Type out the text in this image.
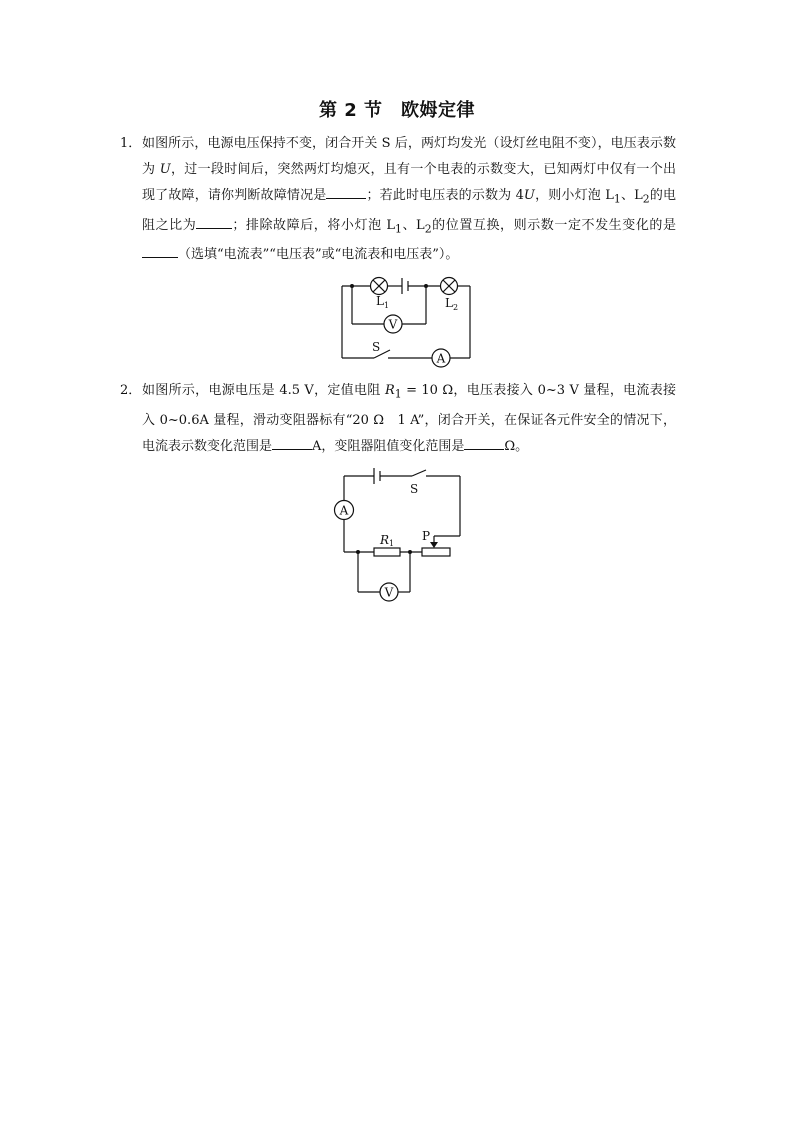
第 2 节　欧姆定律
1． 如图所示，电源电压保持不变，闭合开关 S 后，两灯均发光（设灯丝电阻不变），电压表示数为 U，过一段时间后，突然两灯均熄灭，且有一个电表的示数变大，已知两灯中仅有一个出现了故障，请你判断故障情况是	；若此时电压表的示数为 4U，则小灯泡 $L_1$、$L_2$的电阻之比为	；排除故障后，将小灯泡 $L_1$、$L_2$的位置互换，则示数一定不发生变化的是（选填“电流表”“电压表”或“电流表和电压表”）。
V
A
$L_1$	$L_2$
S
2． 如图所示，电源电压是 4.5 V，定值电阻 $R_1 = 10$ Ω，电压表接入 0~3 V 量程，电流表接入 0~0.6A 量程，滑动变阻器标有“20 Ω　1 A”，闭合开关，在保证各元件安全的情况下，电流表示数变化范围是	A，变阻器阻值变化范围是	Ω。
A
V
S
R1
P
